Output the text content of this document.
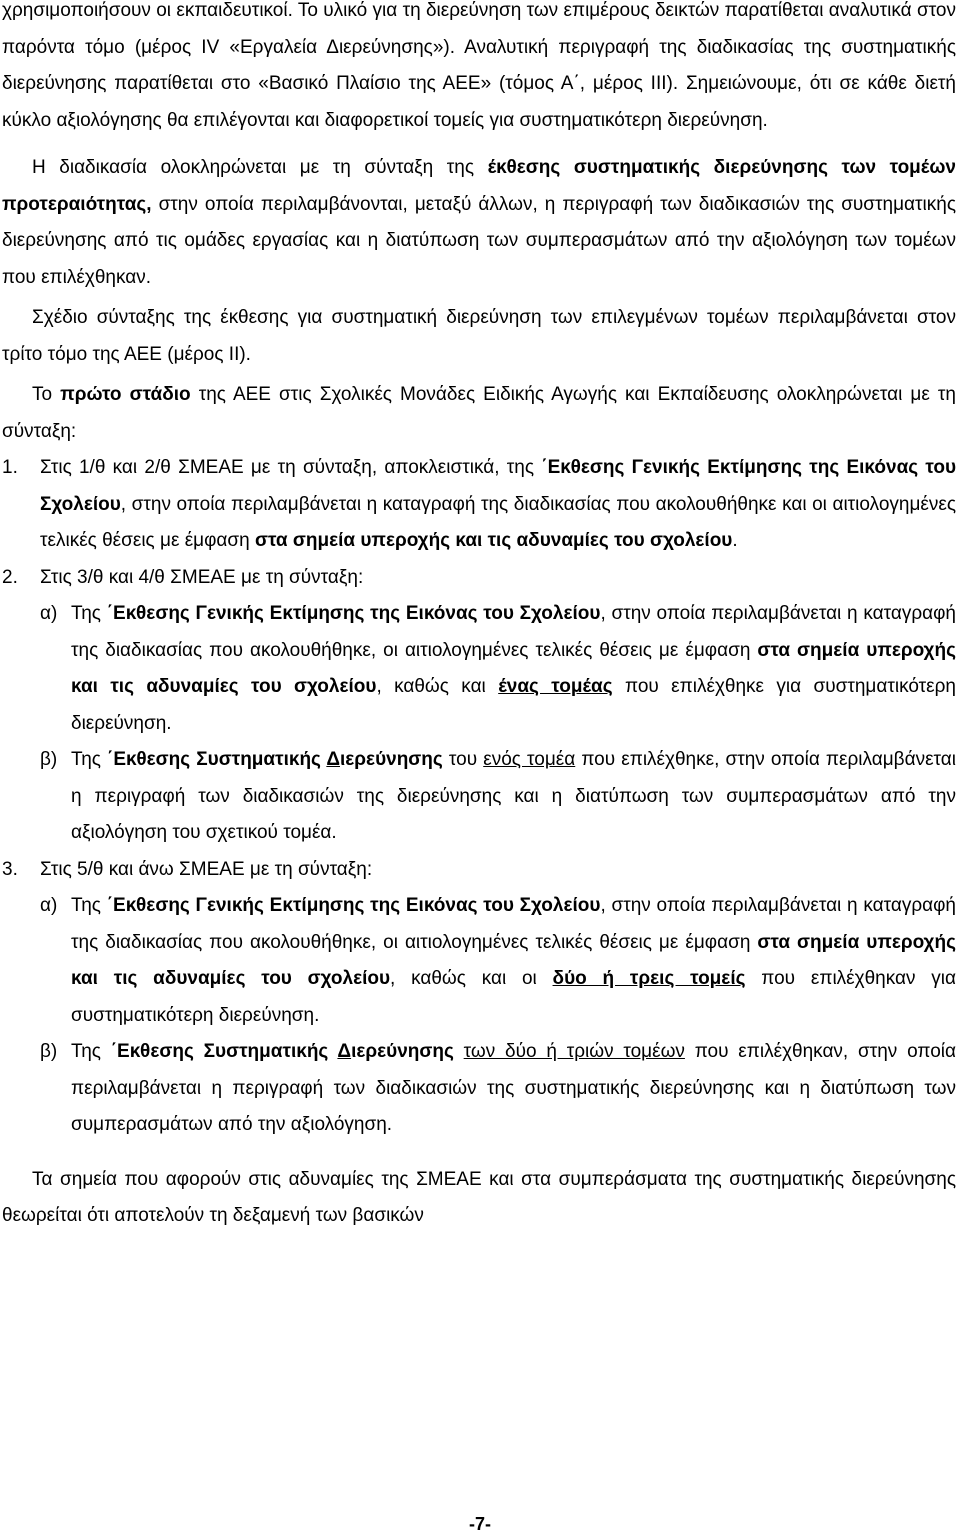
χρησιμοποιήσουν οι εκπαιδευτικοί. Το υλικό για τη διερεύνηση των επιμέρους δεικτών παρατίθεται αναλυτικά στον παρόντα τόμο (μέρος IV «Εργαλεία Διερεύνησης»). Αναλυτική περιγραφή της διαδικασίας της συστηματικής διερεύνησης παρατίθεται στο «Βασικό Πλαίσιο της ΑΕΕ» (τόμος Α΄, μέρος ΙΙΙ). Σημειώνουμε, ότι σε κάθε διετή κύκλο αξιολόγησης θα επιλέγονται και διαφορετικοί τομείς για συστηματικότερη διερεύνηση.

Η διαδικασία ολοκληρώνεται με τη σύνταξη της έκθεσης συστηματικής διερεύνησης των τομέων προτεραιότητας, στην οποία περιλαμβάνονται, μεταξύ άλλων, η περιγραφή των διαδικασιών της συστηματικής διερεύνησης από τις ομάδες εργασίας και η διατύπωση των συμπερασμάτων από την αξιολόγηση των τομέων που επιλέχθηκαν.

Σχέδιο σύνταξης της έκθεσης για συστηματική διερεύνηση των επιλεγμένων τομέων περιλαμβάνεται στον τρίτο τόμο της ΑΕΕ (μέρος ΙΙ).

Το πρώτο στάδιο της ΑΕΕ στις Σχολικές Μονάδες Ειδικής Αγωγής και Εκπαίδευσης ολοκληρώνεται με τη σύνταξη:

1.	Στις 1/θ και 2/θ ΣΜΕΑΕ με τη σύνταξη, αποκλειστικά, της ΄Εκθεσης Γενικής Εκτίμησης της Εικόνας του Σχολείου, στην οποία περιλαμβάνεται η καταγραφή της διαδικασίας που ακολουθήθηκε και οι αιτιολογημένες τελικές θέσεις με έμφαση στα σημεία υπεροχής και τις αδυναμίες του σχολείου.
2.	Στις 3/θ και 4/θ ΣΜΕΑΕ με τη σύνταξη:
α) Της ΄Εκθεσης Γενικής Εκτίμησης της Εικόνας του Σχολείου, στην οποία περιλαμβάνεται η καταγραφή της διαδικασίας που ακολουθήθηκε, οι αιτιολογημένες τελικές θέσεις με έμφαση στα σημεία υπεροχής και τις αδυναμίες του σχολείου, καθώς και ένας τομέας που επιλέχθηκε για συστηματικότερη διερεύνηση.
β) Της ΄Εκθεσης Συστηματικής Διερεύνησης του ενός τομέα που επιλέχθηκε, στην οποία περιλαμβάνεται η περιγραφή των διαδικασιών της διερεύνησης και η διατύπωση των συμπερασμάτων από την αξιολόγηση του σχετικού τομέα.
3.	Στις 5/θ και άνω ΣΜΕΑΕ με τη σύνταξη:
α) Της ΄Εκθεσης Γενικής Εκτίμησης της Εικόνας του Σχολείου, στην οποία περιλαμβάνεται η καταγραφή της διαδικασίας που ακολουθήθηκε, οι αιτιολογημένες τελικές θέσεις με έμφαση στα σημεία υπεροχής και τις αδυναμίες του σχολείου, καθώς και οι δύο ή τρεις τομείς που επιλέχθηκαν για συστηματικότερη διερεύνηση.
β) Της ΄Εκθεσης Συστηματικής Διερεύνησης των δύο ή τριών τομέων που επιλέχθηκαν, στην οποία περιλαμβάνεται η περιγραφή των διαδικασιών της συστηματικής διερεύνησης και η διατύπωση των συμπερασμάτων από την αξιολόγηση.

Τα σημεία που αφορούν στις αδυναμίες της ΣΜΕΑΕ και στα συμπεράσματα της συστηματικής διερεύνησης θεωρείται ότι αποτελούν τη δεξαμενή των βασικών

-7-
